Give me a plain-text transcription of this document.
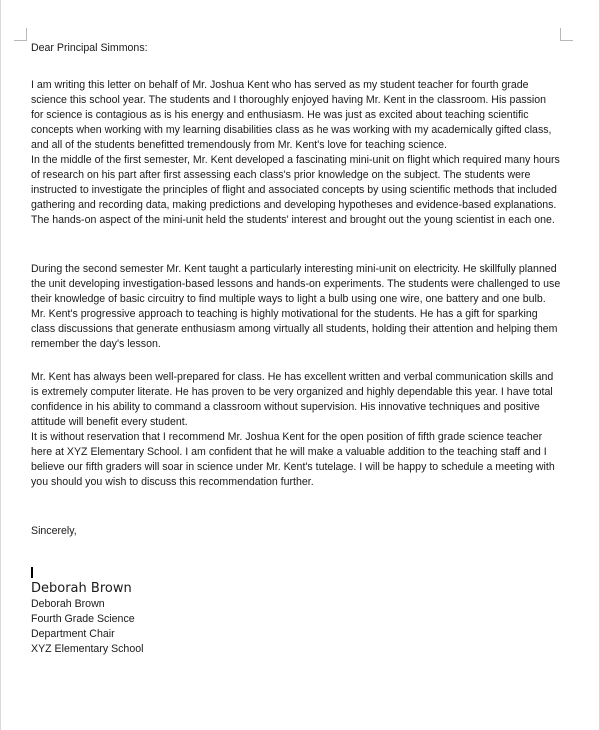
Dear Principal Simmons:

I am writing this letter on behalf of Mr. Joshua Kent who has served as my student teacher for fourth grade science this school year. The students and I thoroughly enjoyed having Mr. Kent in the classroom. His passion for science is contagious as is his energy and enthusiasm. He was just as excited about teaching scientific concepts when working with my learning disabilities class as he was working with my academically gifted class, and all of the students benefitted tremendously from Mr. Kent's love for teaching science.

In the middle of the first semester, Mr. Kent developed a fascinating mini-unit on flight which required many hours of research on his part after first assessing each class's prior knowledge on the subject. The students were instructed to investigate the principles of flight and associated concepts by using scientific methods that included gathering and recording data, making predictions and developing hypotheses and evidence-based explanations. The hands-on aspect of the mini-unit held the students' interest and brought out the young scientist in each one.

During the second semester Mr. Kent taught a particularly interesting mini-unit on electricity. He skillfully planned the unit developing investigation-based lessons and hands-on experiments. The students were challenged to use their knowledge of basic circuitry to find multiple ways to light a bulb using one wire, one battery and one bulb. Mr. Kent's progressive approach to teaching is highly motivational for the students. He has a gift for sparking class discussions that generate enthusiasm among virtually all students, holding their attention and helping them remember the day's lesson.

Mr. Kent has always been well-prepared for class. He has excellent written and verbal communication skills and is extremely computer literate. He has proven to be very organized and highly dependable this year. I have total confidence in his ability to command a classroom without supervision. His innovative techniques and positive attitude will benefit every student.

It is without reservation that I recommend Mr. Joshua Kent for the open position of fifth grade science teacher here at XYZ Elementary School. I am confident that he will make a valuable addition to the teaching staff and I believe our fifth graders will soar in science under Mr. Kent's tutelage. I will be happy to schedule a meeting with you should you wish to discuss this recommendation further.

Sincerely,

Deborah Brown

Deborah Brown

Fourth Grade Science

Department Chair

XYZ Elementary School
